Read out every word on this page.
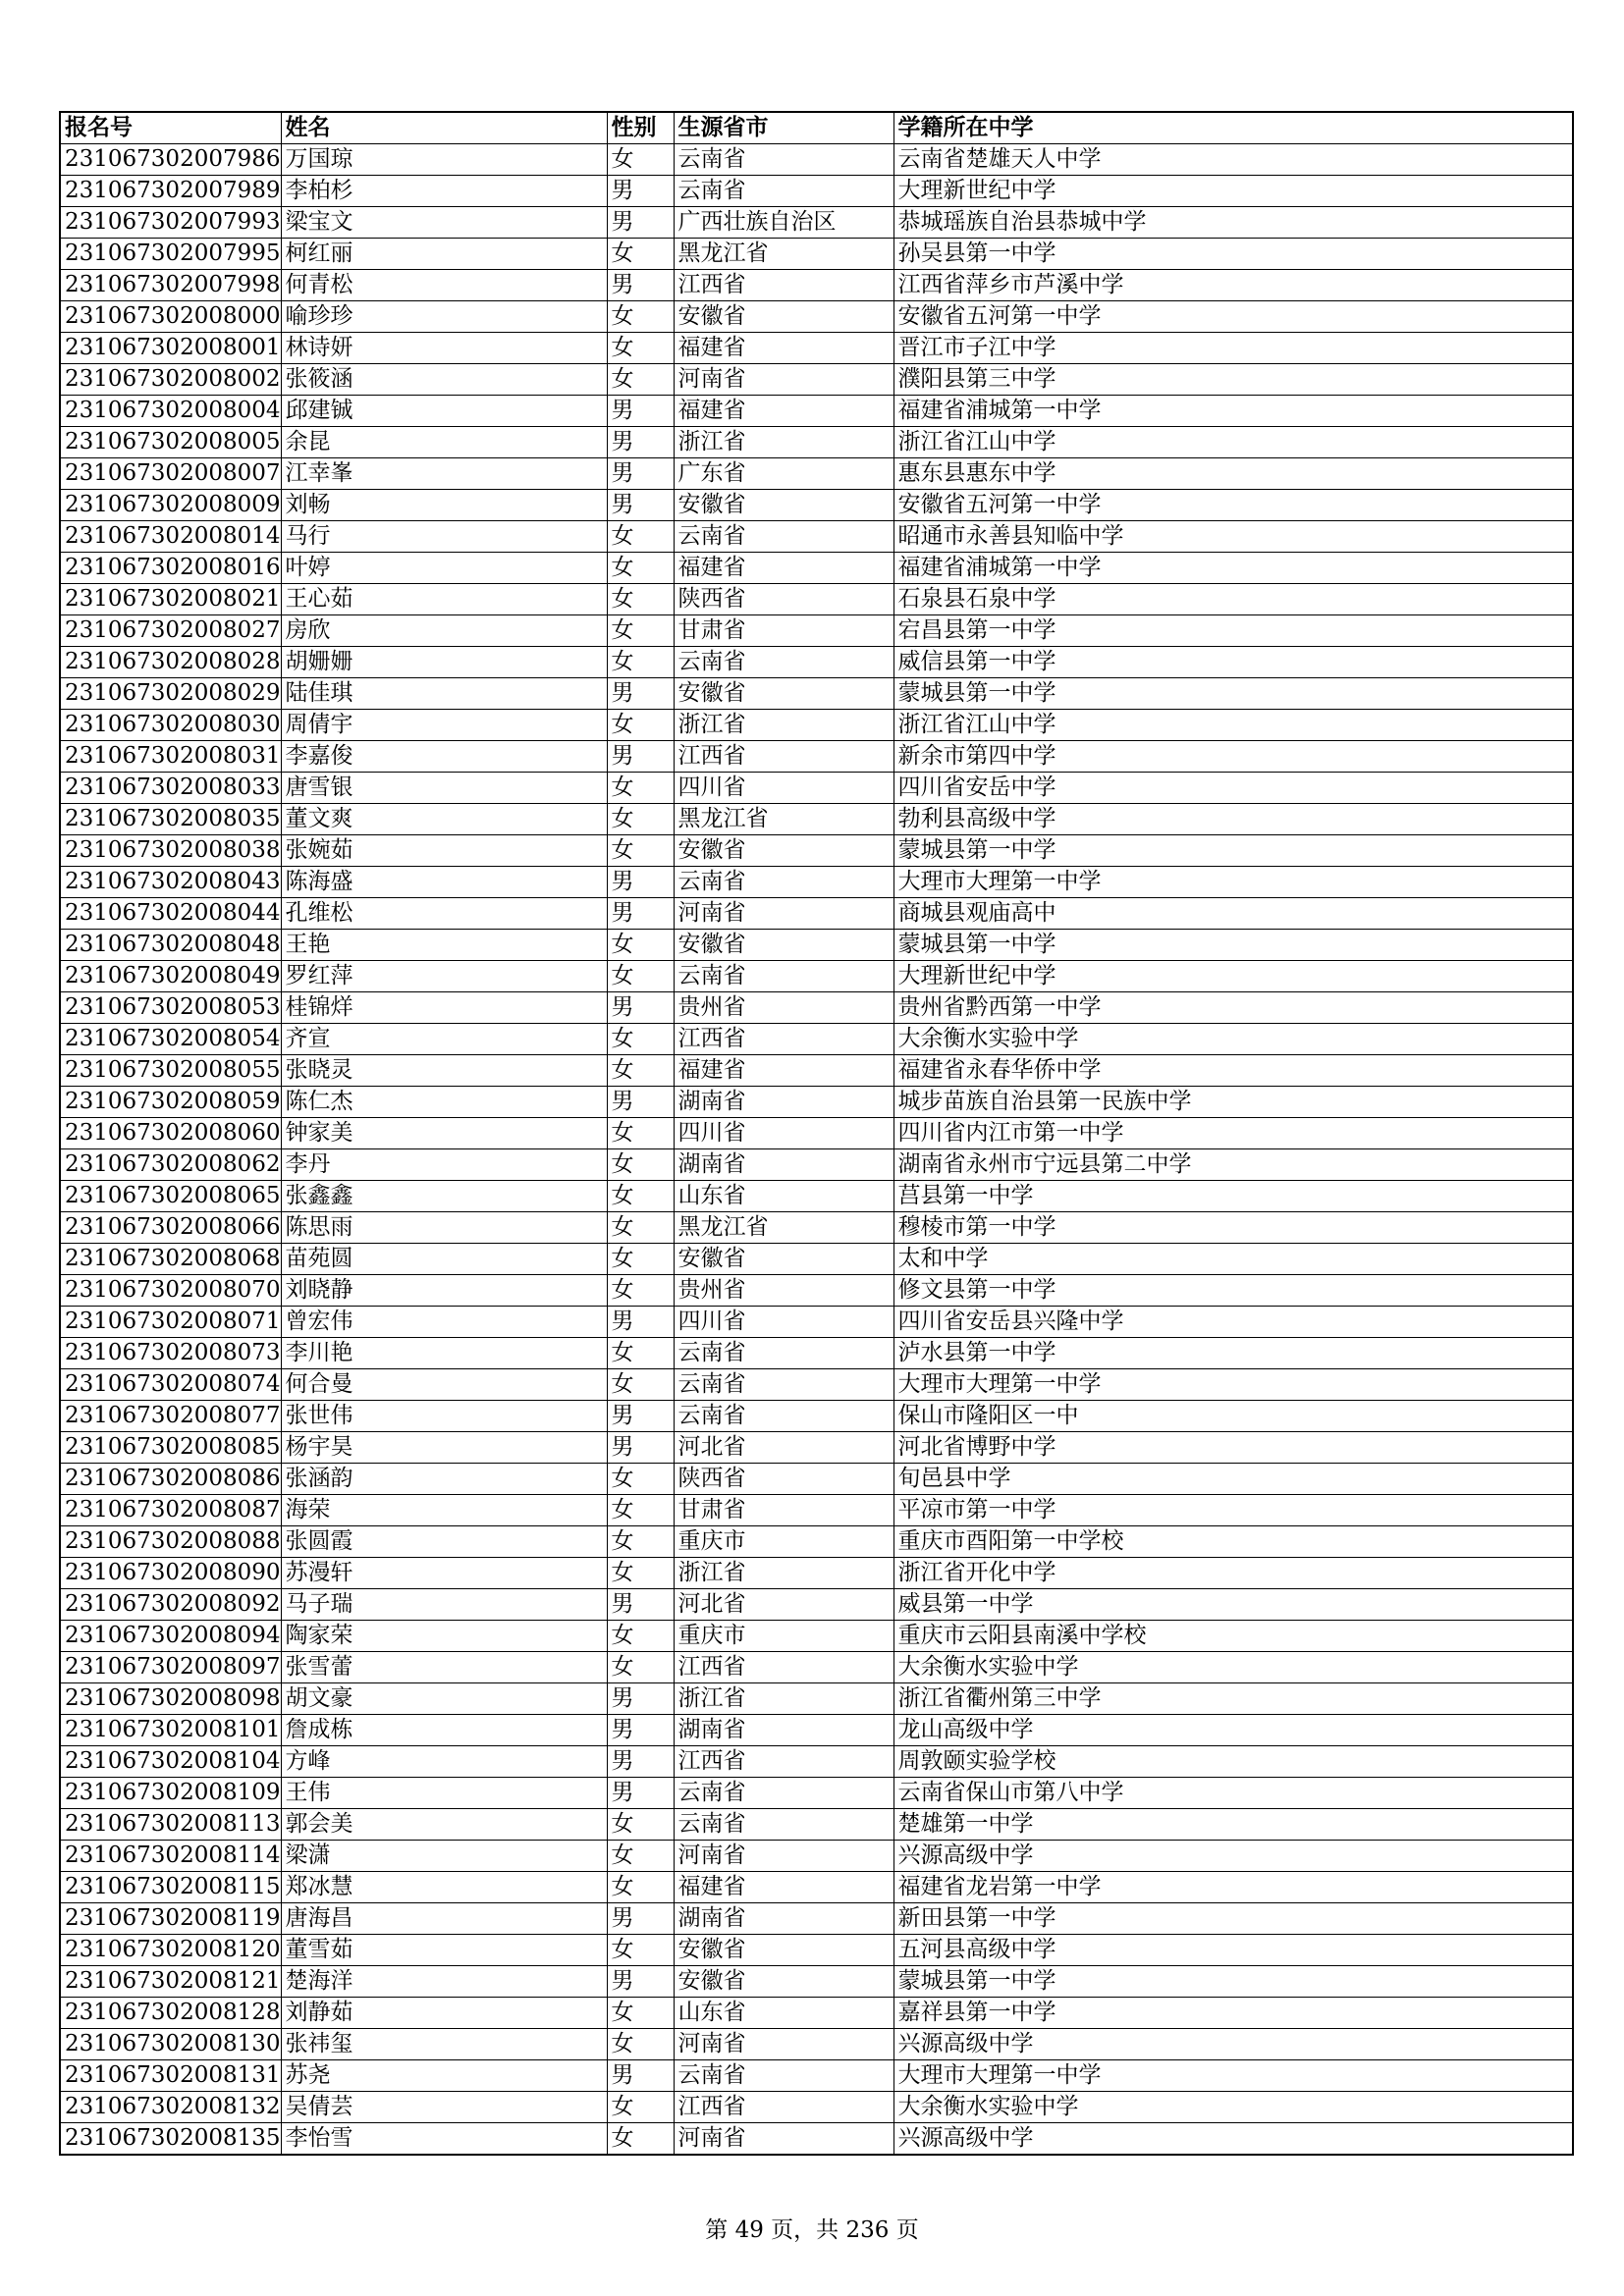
报名号	姓名	性别	生源省市	学籍所在中学
231067302007986	万国琼	女	云南省	云南省楚雄天人中学
231067302007989	李柏杉	男	云南省	大理新世纪中学
231067302007993	梁宝文	男	广西壮族自治区	恭城瑶族自治县恭城中学
231067302007995	柯红丽	女	黑龙江省	孙吴县第一中学
231067302007998	何青松	男	江西省	江西省萍乡市芦溪中学
231067302008000	喻珍珍	女	安徽省	安徽省五河第一中学
231067302008001	林诗妍	女	福建省	晋江市子江中学
231067302008002	张筱涵	女	河南省	濮阳县第三中学
231067302008004	邱建铖	男	福建省	福建省浦城第一中学
231067302008005	余昆	男	浙江省	浙江省江山中学
231067302008007	江幸峯	男	广东省	惠东县惠东中学
231067302008009	刘畅	男	安徽省	安徽省五河第一中学
231067302008014	马行	女	云南省	昭通市永善县知临中学
231067302008016	叶婷	女	福建省	福建省浦城第一中学
231067302008021	王心茹	女	陕西省	石泉县石泉中学
231067302008027	房欣	女	甘肃省	宕昌县第一中学
231067302008028	胡姗姗	女	云南省	威信县第一中学
231067302008029	陆佳琪	男	安徽省	蒙城县第一中学
231067302008030	周倩宇	女	浙江省	浙江省江山中学
231067302008031	李嘉俊	男	江西省	新余市第四中学
231067302008033	唐雪银	女	四川省	四川省安岳中学
231067302008035	董文爽	女	黑龙江省	勃利县高级中学
231067302008038	张婉茹	女	安徽省	蒙城县第一中学
231067302008043	陈海盛	男	云南省	大理市大理第一中学
231067302008044	孔维松	男	河南省	商城县观庙高中
231067302008048	王艳	女	安徽省	蒙城县第一中学
231067302008049	罗红萍	女	云南省	大理新世纪中学
231067302008053	桂锦烊	男	贵州省	贵州省黔西第一中学
231067302008054	齐宣	女	江西省	大余衡水实验中学
231067302008055	张晓灵	女	福建省	福建省永春华侨中学
231067302008059	陈仁杰	男	湖南省	城步苗族自治县第一民族中学
231067302008060	钟家美	女	四川省	四川省内江市第一中学
231067302008062	李丹	女	湖南省	湖南省永州市宁远县第二中学
231067302008065	张鑫鑫	女	山东省	莒县第一中学
231067302008066	陈思雨	女	黑龙江省	穆棱市第一中学
231067302008068	苗苑圆	女	安徽省	太和中学
231067302008070	刘晓静	女	贵州省	修文县第一中学
231067302008071	曾宏伟	男	四川省	四川省安岳县兴隆中学
231067302008073	李川艳	女	云南省	泸水县第一中学
231067302008074	何合曼	女	云南省	大理市大理第一中学
231067302008077	张世伟	男	云南省	保山市隆阳区一中
231067302008085	杨宇昊	男	河北省	河北省博野中学
231067302008086	张涵韵	女	陕西省	旬邑县中学
231067302008087	海荣	女	甘肃省	平凉市第一中学
231067302008088	张圆霞	女	重庆市	重庆市酉阳第一中学校
231067302008090	苏漫轩	女	浙江省	浙江省开化中学
231067302008092	马子瑞	男	河北省	威县第一中学
231067302008094	陶家荣	女	重庆市	重庆市云阳县南溪中学校
231067302008097	张雪蕾	女	江西省	大余衡水实验中学
231067302008098	胡文豪	男	浙江省	浙江省衢州第三中学
231067302008101	詹成栋	男	湖南省	龙山高级中学
231067302008104	方峰	男	江西省	周敦颐实验学校
231067302008109	王伟	男	云南省	云南省保山市第八中学
231067302008113	郭会美	女	云南省	楚雄第一中学
231067302008114	梁潇	女	河南省	兴源高级中学
231067302008115	郑冰慧	女	福建省	福建省龙岩第一中学
231067302008119	唐海昌	男	湖南省	新田县第一中学
231067302008120	董雪茹	女	安徽省	五河县高级中学
231067302008121	楚海洋	男	安徽省	蒙城县第一中学
231067302008128	刘静茹	女	山东省	嘉祥县第一中学
231067302008130	张祎玺	女	河南省	兴源高级中学
231067302008131	苏尧	男	云南省	大理市大理第一中学
231067302008132	吴倩芸	女	江西省	大余衡水实验中学
231067302008135	李怡雪	女	河南省	兴源高级中学
第 49 页，共 236 页
